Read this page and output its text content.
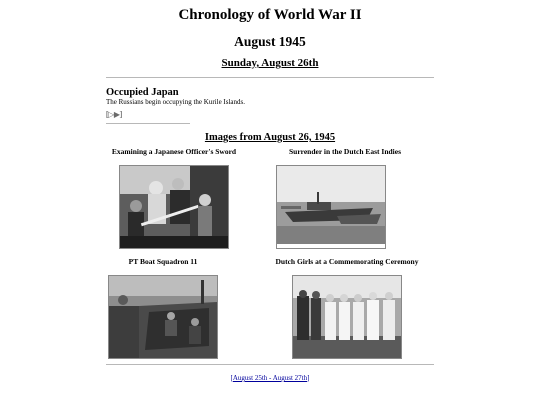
Chronology of World War II
August 1945
Sunday, August 26th
Occupied Japan
The Russians begin occupying the Kurile Islands.
[▷▶]
Images from August 26, 1945
Examining a Japanese Officer's Sword	Surrender in the Dutch East Indies
PT Boat Squadron 11	Dutch Girls at a Commemorating Ceremony
[August 25th - August 27th]
